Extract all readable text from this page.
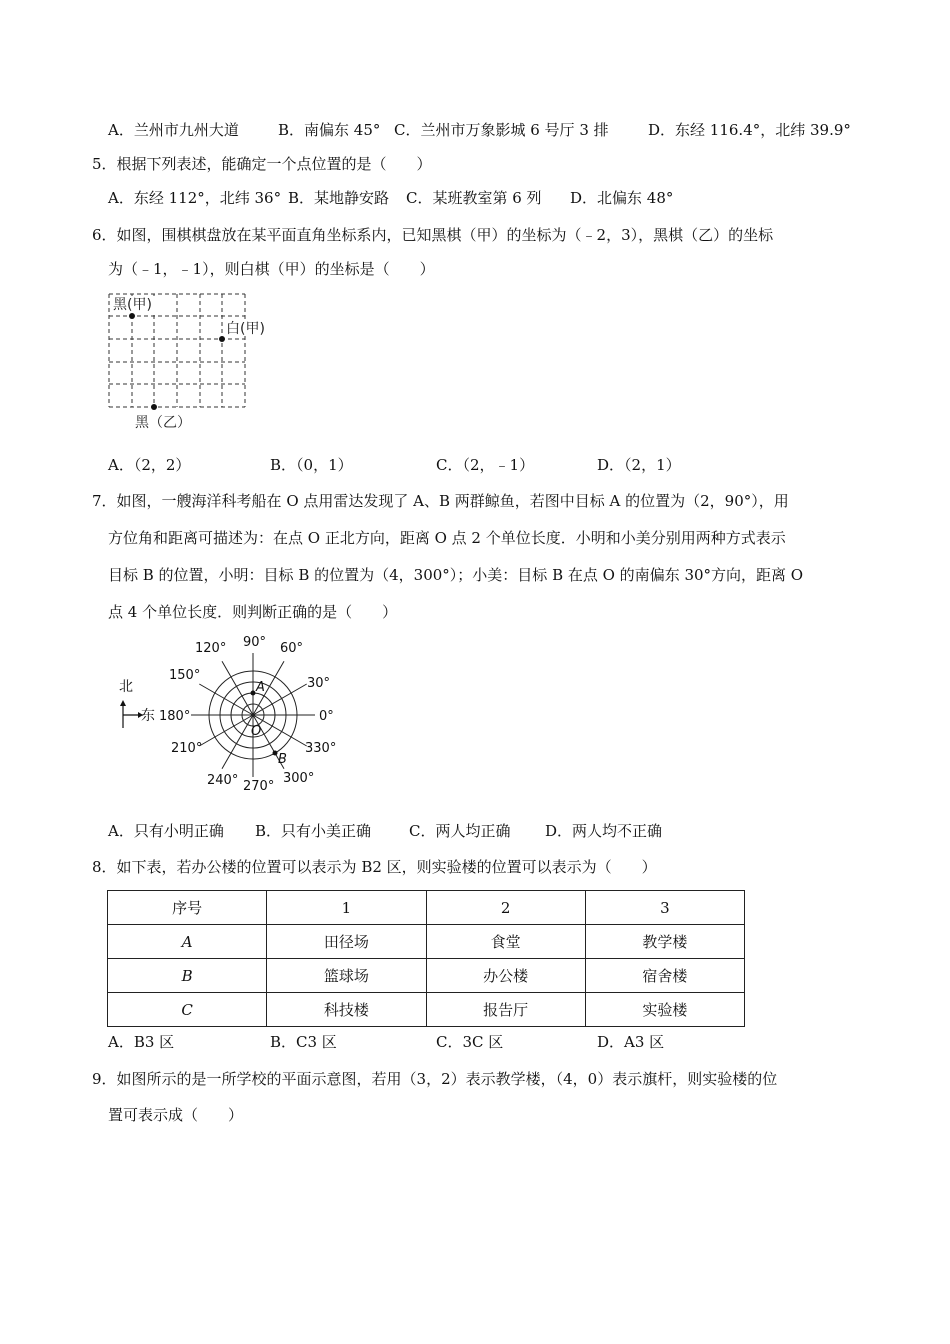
A．兰州市九州大道	B．南偏东 45° C．兰州市万象影城 6 号厅 3 排	D．东经 116.4°，北纬 39.9°
5．根据下列表述，能确定一个点位置的是（　　）
A．东经 112°，北纬 36° B．某地静安路 C．某班教室第 6 列 D．北偏东 48°
6．如图，围棋棋盘放在某平面直角坐标系内，已知黑棋（甲）的坐标为（﹣2，3），黑棋（乙）的坐标
为（﹣1，﹣1），则白棋（甲）的坐标是（　　）
黑(甲)
白(甲)
黑（乙）
A．（2，2）	B．（0，1）	C．（2，﹣1）	D．（2，1）
7．如图，一艘海洋科考船在 O 点用雷达发现了 A、B 两群鲸鱼，若图中目标 A 的位置为（2，90°），用
方位角和距离可描述为：在点 O 正北方向，距离 O 点 2 个单位长度．小明和小美分别用两种方式表示
目标 B 的位置，小明：目标 B 的位置为（4，300°）；小美：目标 B 在点 O 的南偏东 30°方向，距离 O
点 4 个单位长度．则判断正确的是（　　）
A
B
O
120° 90° 60°
150°
30°
180°	0°
210°	330°
240° 270°
300°
北
东
A．只有小明正确 B．只有小美正确	C．两人均正确 D．两人均不正确
8．如下表，若办公楼的位置可以表示为 B2 区，则实验楼的位置可以表示为（　　）
序号	1	2	3
A	田径场	食堂	教学楼
B	篮球场	办公楼	宿舍楼
C	科技楼	报告厅	实验楼
A．B3 区	B．C3 区	C．3C 区	D．A3 区
9．如图所示的是一所学校的平面示意图，若用（3，2）表示教学楼，（4，0）表示旗杆，则实验楼的位
置可表示成（　　）
